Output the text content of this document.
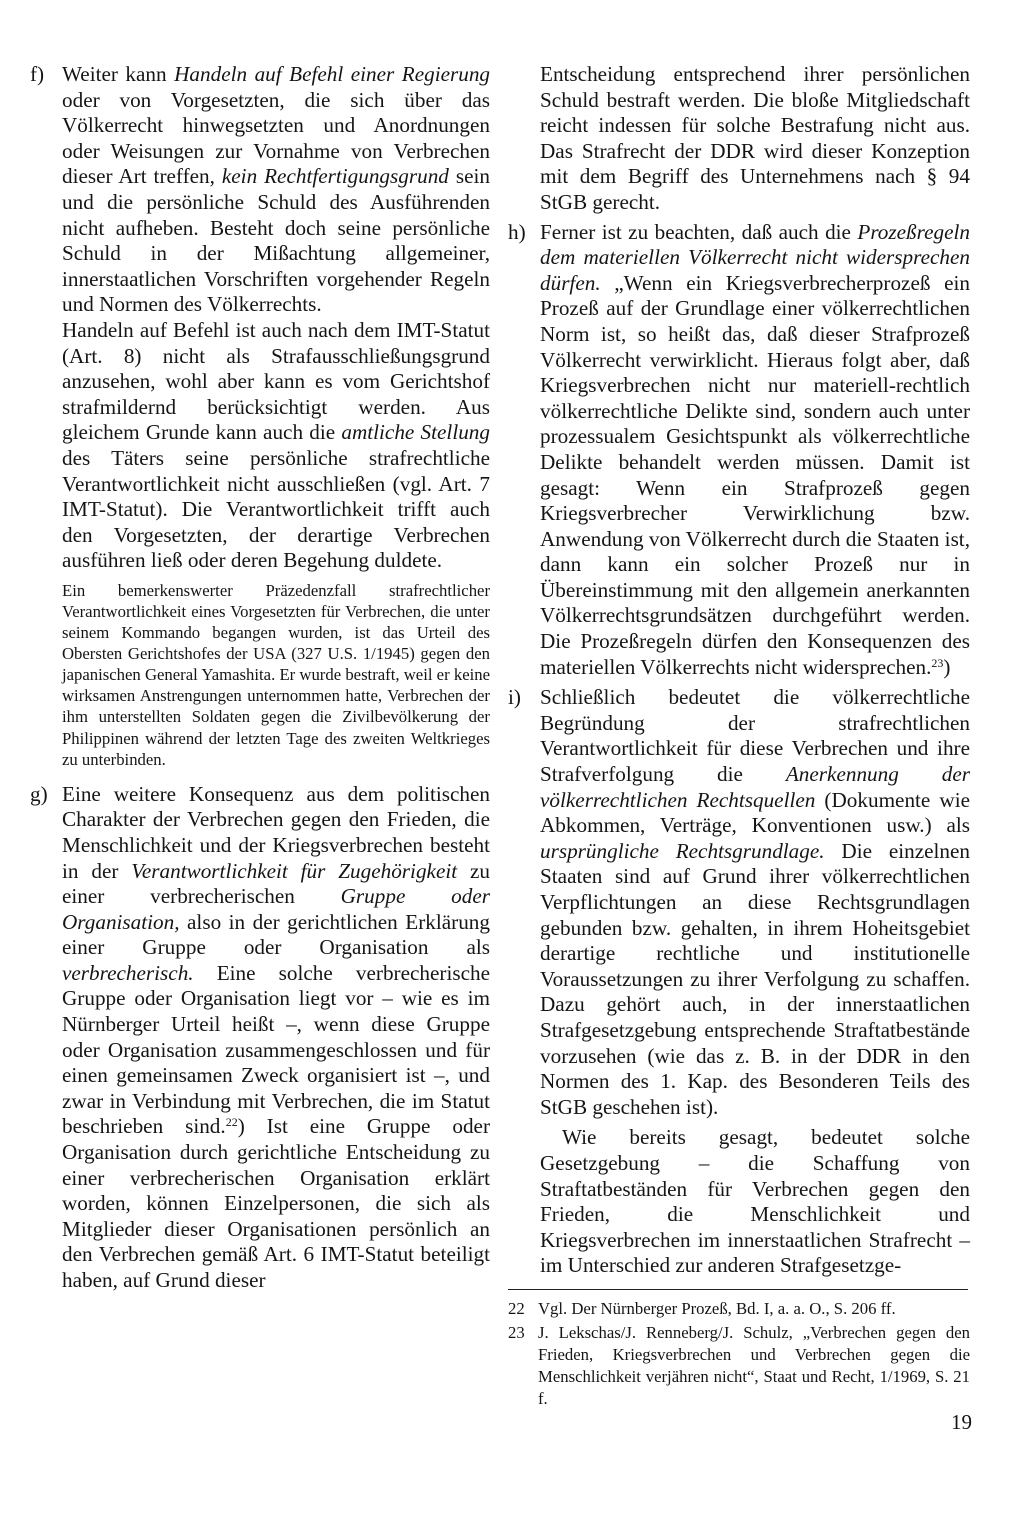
f) Weiter kann Handeln auf Befehl einer Regierung oder von Vorgesetzten, die sich über das Völkerrecht hinwegsetzten und Anordnungen oder Weisungen zur Vornahme von Verbrechen dieser Art treffen, kein Rechtfertigungsgrund sein und die persönliche Schuld des Ausführenden nicht aufheben. Besteht doch seine persönliche Schuld in der Mißachtung allgemeiner, innerstaatlichen Vorschriften vorgehender Regeln und Normen des Völkerrechts.

Handeln auf Befehl ist auch nach dem IMT-Statut (Art. 8) nicht als Strafausschließungsgrund anzusehen, wohl aber kann es vom Gerichtshof strafmildernd berücksichtigt werden. Aus gleichem Grunde kann auch die amtliche Stellung des Täters seine persönliche strafrechtliche Verantwortlichkeit nicht ausschließen (vgl. Art. 7 IMT-Statut). Die Verantwortlichkeit trifft auch den Vorgesetzten, der derartige Verbrechen ausführen ließ oder deren Begehung duldete.

Ein bemerkenswerter Präzedenzfall strafrechtlicher Verantwortlichkeit eines Vorgesetzten für Verbrechen, die unter seinem Kommando begangen wurden, ist das Urteil des Obersten Gerichtshofes der USA (327 U.S. 1/1945) gegen den japanischen General Yamashita. Er wurde bestraft, weil er keine wirksamen Anstrengungen unternommen hatte, Verbrechen der ihm unterstellten Soldaten gegen die Zivilbevölkerung der Philippinen während der letzten Tage des zweiten Weltkrieges zu unterbinden.
g) Eine weitere Konsequenz aus dem politischen Charakter der Verbrechen gegen den Frieden, die Menschlichkeit und der Kriegsverbrechen besteht in der Verantwortlichkeit für Zugehörigkeit zu einer verbrecherischen Gruppe oder Organisation, also in der gerichtlichen Erklärung einer Gruppe oder Organisation als verbrecherisch. Eine solche verbrecherische Gruppe oder Organisation liegt vor – wie es im Nürnberger Urteil heißt –, wenn diese Gruppe oder Organisation zusammengeschlossen und für einen gemeinsamen Zweck organisiert ist –, und zwar in Verbindung mit Verbrechen, die im Statut beschrieben sind.$^{22}$) Ist eine Gruppe oder Organisation durch gerichtliche Entscheidung zu einer verbrecherischen Organisation erklärt worden, können Einzelpersonen, die sich als Mitglieder dieser Organisationen persönlich an den Verbrechen gemäß Art. 6 IMT-Statut beteiligt haben, auf Grund dieser

Entscheidung entsprechend ihrer persönlichen Schuld bestraft werden. Die bloße Mitgliedschaft reicht indessen für solche Bestrafung nicht aus. Das Strafrecht der DDR wird dieser Konzeption mit dem Begriff des Unternehmens nach § 94 StGB gerecht.

h) Ferner ist zu beachten, daß auch die Prozeßregeln dem materiellen Völkerrecht nicht widersprechen dürfen. „Wenn ein Kriegsverbrecherprozeß ein Prozeß auf der Grundlage einer völkerrechtlichen Norm ist, so heißt das, daß dieser Strafprozeß Völkerrecht verwirklicht. Hieraus folgt aber, daß Kriegsverbrechen nicht nur materiell-rechtlich völkerrechtliche Delikte sind, sondern auch unter prozessualem Gesichtspunkt als völkerrechtliche Delikte behandelt werden müssen. Damit ist gesagt: Wenn ein Strafprozeß gegen Kriegsverbrecher Verwirklichung bzw. Anwendung von Völkerrecht durch die Staaten ist, dann kann ein solcher Prozeß nur in Übereinstimmung mit den allgemein anerkannten Völkerrechtsgrundsätzen durchgeführt werden. Die Prozeßregeln dürfen den Konsequenzen des materiellen Völkerrechts nicht widersprechen.$^{23}$)

i) Schließlich bedeutet die völkerrechtliche Begründung der strafrechtlichen Verantwortlichkeit für diese Verbrechen und ihre Strafverfolgung die Anerkennung der völkerrechtlichen Rechtsquellen (Dokumente wie Abkommen, Verträge, Konventionen usw.) als ursprüngliche Rechtsgrundlage. Die einzelnen Staaten sind auf Grund ihrer völkerrechtlichen Verpflichtungen an diese Rechtsgrundlagen gebunden bzw. gehalten, in ihrem Hoheitsgebiet derartige rechtliche und institutionelle Voraussetzungen zu ihrer Verfolgung zu schaffen. Dazu gehört auch, in der innerstaatlichen Strafgesetzgebung entsprechende Straftatbestände vorzusehen (wie das z. B. in der DDR in den Normen des 1. Kap. des Besonderen Teils des StGB geschehen ist).

Wie bereits gesagt, bedeutet solche Gesetzgebung – die Schaffung von Straftatbeständen für Verbrechen gegen den Frieden, die Menschlichkeit und Kriegsverbrechen im innerstaatlichen Strafrecht – im Unterschied zur anderen Strafgesetzge-

22 Vgl. Der Nürnberger Prozeß, Bd. I, a. a. O., S. 206 ff.
23 J. Lekschas/J. Renneberg/J. Schulz, „Verbrechen gegen den Frieden, Kriegsverbrechen und Verbrechen gegen die Menschlichkeit verjähren nicht“, Staat und Recht, 1/1969, S. 21 f.
19
